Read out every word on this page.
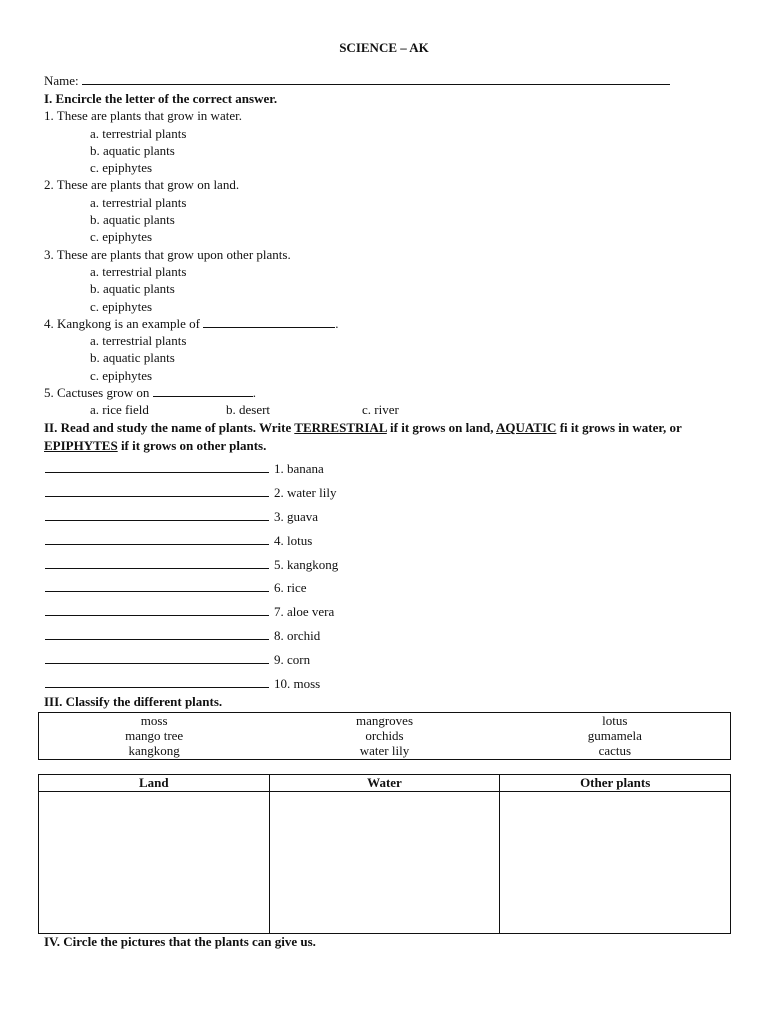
SCIENCE – AK
Name:
I. Encircle the letter of the correct answer.
1. These are plants that grow in water.
a. terrestrial plants
b. aquatic plants
c. epiphytes
2. These are plants that grow on land.
a. terrestrial plants
b. aquatic plants
c. epiphytes
3. These are plants that grow upon other plants.
a. terrestrial plants
b. aquatic plants
c. epiphytes
4. Kangkong is an example of	.
a. terrestrial plants
b. aquatic plants
c. epiphytes
5. Cactuses grow on	.
a. rice field	b. desert	c. river
II. Read and study the name of plants. Write TERRESTRIAL if it grows on land, AQUATIC fi it grows in water, or EPIPHYTES if it grows on other plants.
1. banana
2. water lily
3. guava
4. lotus
5. kangkong
6. rice
7. aloe vera
8. orchid
9. corn
10. moss
III. Classify the different plants.
moss	mangroves	lotus
mango tree	orchids	gumamela
kangkong	water lily	cactus
Land	Water	Other plants

IV. Circle the pictures that the plants can give us.
